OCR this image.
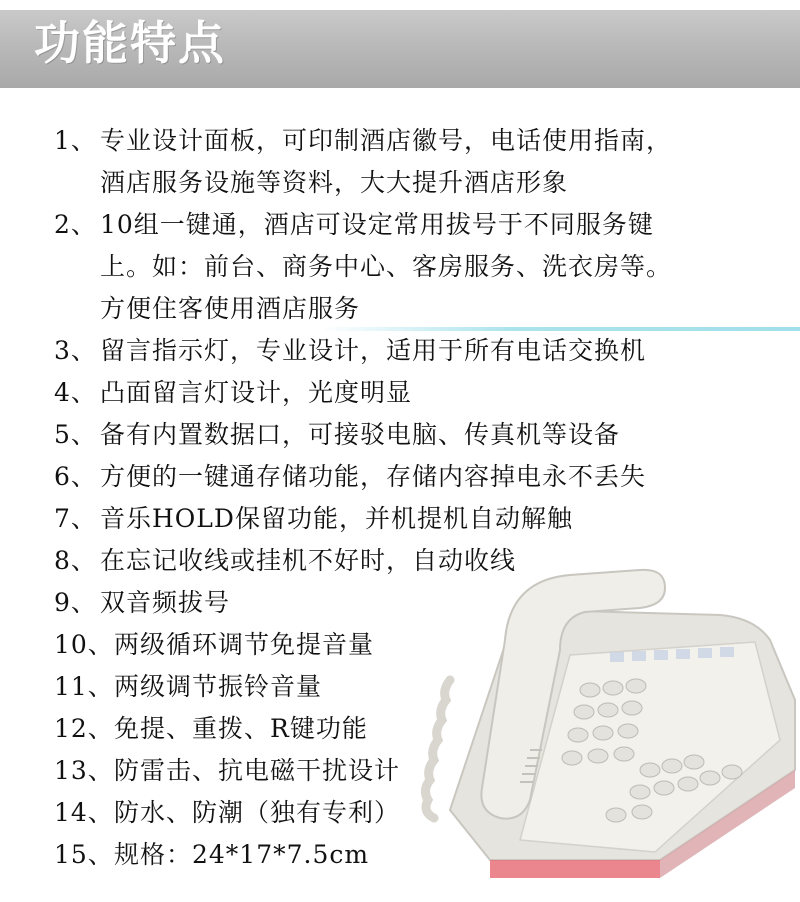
功能特点
1、 专业设计面板，可印制酒店徽号，电话使用指南，
酒店服务设施等资料，大大提升酒店形象
2、 10组一键通，酒店可设定常用拔号于不同服务键
上。如：前台、商务中心、客房服务、洗衣房等。
方便住客使用酒店服务
3、 留言指示灯，专业设计，适用于所有电话交换机
4、 凸面留言灯设计，光度明显
5、 备有内置数据口，可接驳电脑、传真机等设备
6、 方便的一键通存储功能，存储内容掉电永不丢失
7、 音乐HOLD保留功能，并机提机自动解触
8、 在忘记收线或挂机不好时，自动收线
9、 双音频拔号
10、 两级循环调节免提音量
11、 两级调节振铃音量
12、 免提、重拨、R键功能
13、 防雷击、抗电磁干扰设计
14、 防水、防潮（独有专利）
15、 规格：24*17*7.5cm
